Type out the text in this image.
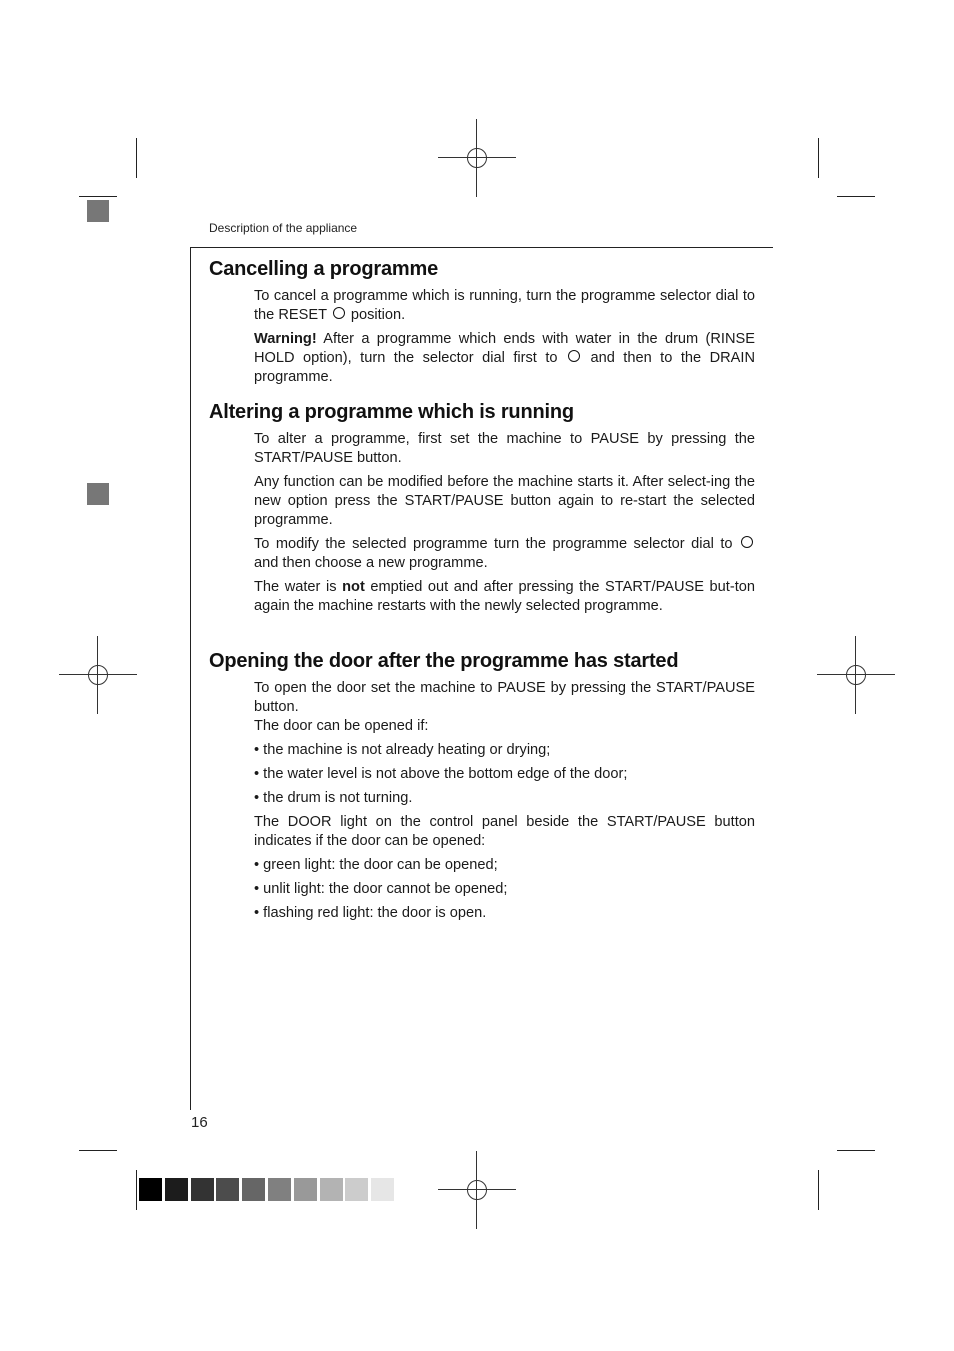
Description of the appliance
Cancelling a programme

To cancel a programme which is running, turn the programme selector dial to the RESET position.

Warning! After a programme which ends with water in the drum (RINSE HOLD option), turn the selector dial first to and then to the DRAIN programme.

Altering a programme which is running

To alter a programme, first set the machine to PAUSE by pressing the START/PAUSE button.

Any function can be modified before the machine starts it. After select-ing the new option press the START/PAUSE button again to re-start the selected programme.

To modify the selected programme turn the programme selector dial to  and then choose a new programme.

The water is not emptied out and after pressing the START/PAUSE but-ton again the machine restarts with the newly selected programme.

Opening the door after the programme has started

To open the door set the machine to PAUSE by pressing the START/PAUSE button.

The door can be opened if:

• the machine is not already heating or drying;

• the water level is not above the bottom edge of the door;

• the drum is not turning.

The DOOR light on the control panel beside the START/PAUSE button indicates if the door can be opened:

• green light: the door can be opened;

• unlit light: the door cannot be opened;

• flashing red light: the door is open.

16
